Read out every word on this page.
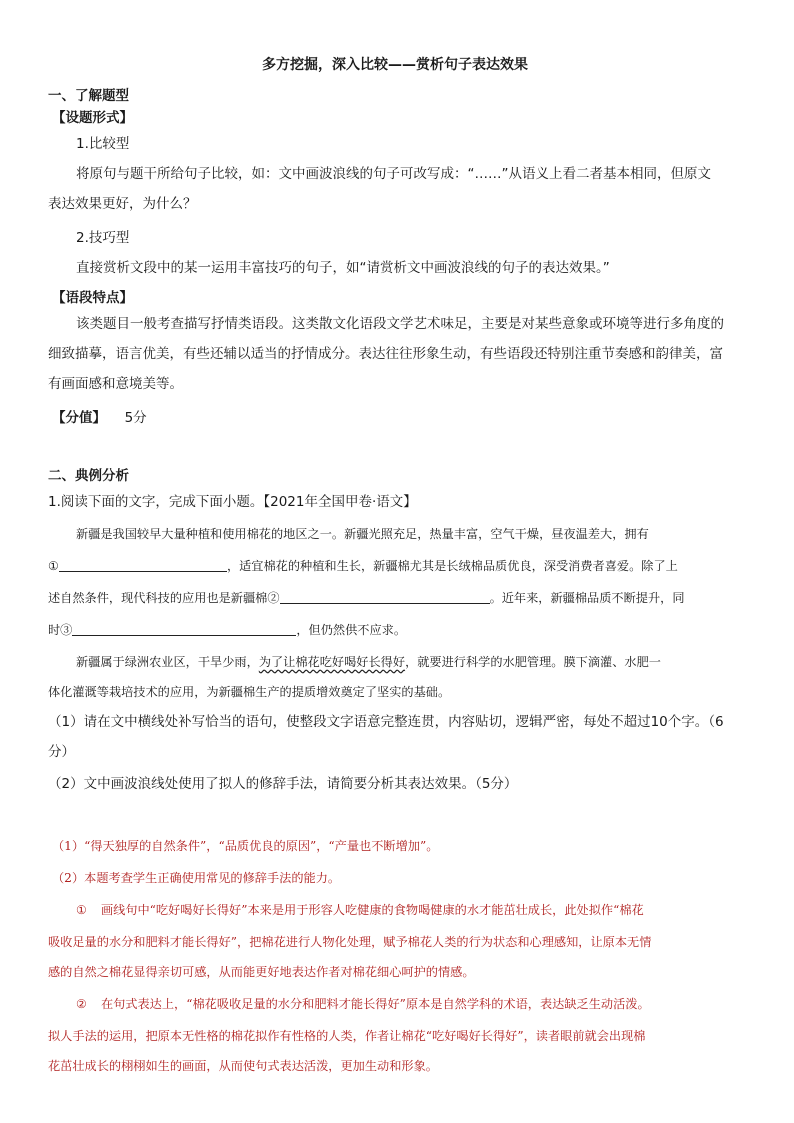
多方挖掘，深入比较——赏析句子表达效果
一、了解题型
【设题形式】
1.比较型
将原句与题干所给句子比较，如：文中画波浪线的句子可改写成：“……”从语义上看二者基本相同，但原文
表达效果更好，为什么？
2.技巧型
直接赏析文段中的某一运用丰富技巧的句子，如“请赏析文中画波浪线的句子的表达效果。”
【语段特点】
该类题目一般考查描写抒情类语段。这类散文化语段文学艺术味足，主要是对某些意象或环境等进行多角度的
细致描摹，语言优美，有些还辅以适当的抒情成分。表达往往形象生动，有些语段还特别注重节奏感和韵律美，富
有画面感和意境美等。
【分值】 5分
二、典例分析
1.阅读下面的文字，完成下面小题。【2021年全国甲卷·语文】
新疆是我国较早大量种植和使用棉花的地区之一。新疆光照充足，热量丰富，空气干燥，昼夜温差大，拥有
①	，适宜棉花的种植和生长，新疆棉尤其是长绒棉品质优良，深受消费者喜爱。除了上
述自然条件，现代科技的应用也是新疆棉②	。近年来，新疆棉品质不断提升，同
时③	，但仍然供不应求。
新疆属于绿洲农业区，干旱少雨，为了让棉花吃好喝好长得好，就要进行科学的水肥管理。膜下滴灌、水肥一
体化灌溉等栽培技术的应用，为新疆棉生产的提质增效奠定了坚实的基础。
（1）请在文中横线处补写恰当的语句，使整段文字语意完整连贯，内容贴切，逻辑严密，每处不超过10个字。（6
分）
（2）文中画波浪线处使用了拟人的修辞手法，请简要分析其表达效果。（5分）
（1）“得天独厚的自然条件”，“品质优良的原因”，“产量也不断增加”。
（2）本题考查学生正确使用常见的修辞手法的能力。
① 画线句中“吃好喝好长得好”本来是用于形容人吃健康的食物喝健康的水才能茁壮成长，此处拟作“棉花
吸收足量的水分和肥料才能长得好”，把棉花进行人物化处理，赋予棉花人类的行为状态和心理感知，让原本无情
感的自然之棉花显得亲切可感，从而能更好地表达作者对棉花细心呵护的情感。
② 在句式表达上，“棉花吸收足量的水分和肥料才能长得好”原本是自然学科的术语，表达缺乏生动活泼。
拟人手法的运用，把原本无性格的棉花拟作有性格的人类，作者让棉花“吃好喝好长得好”，读者眼前就会出现棉
花茁壮成长的栩栩如生的画面，从而使句式表达活泼，更加生动和形象。
